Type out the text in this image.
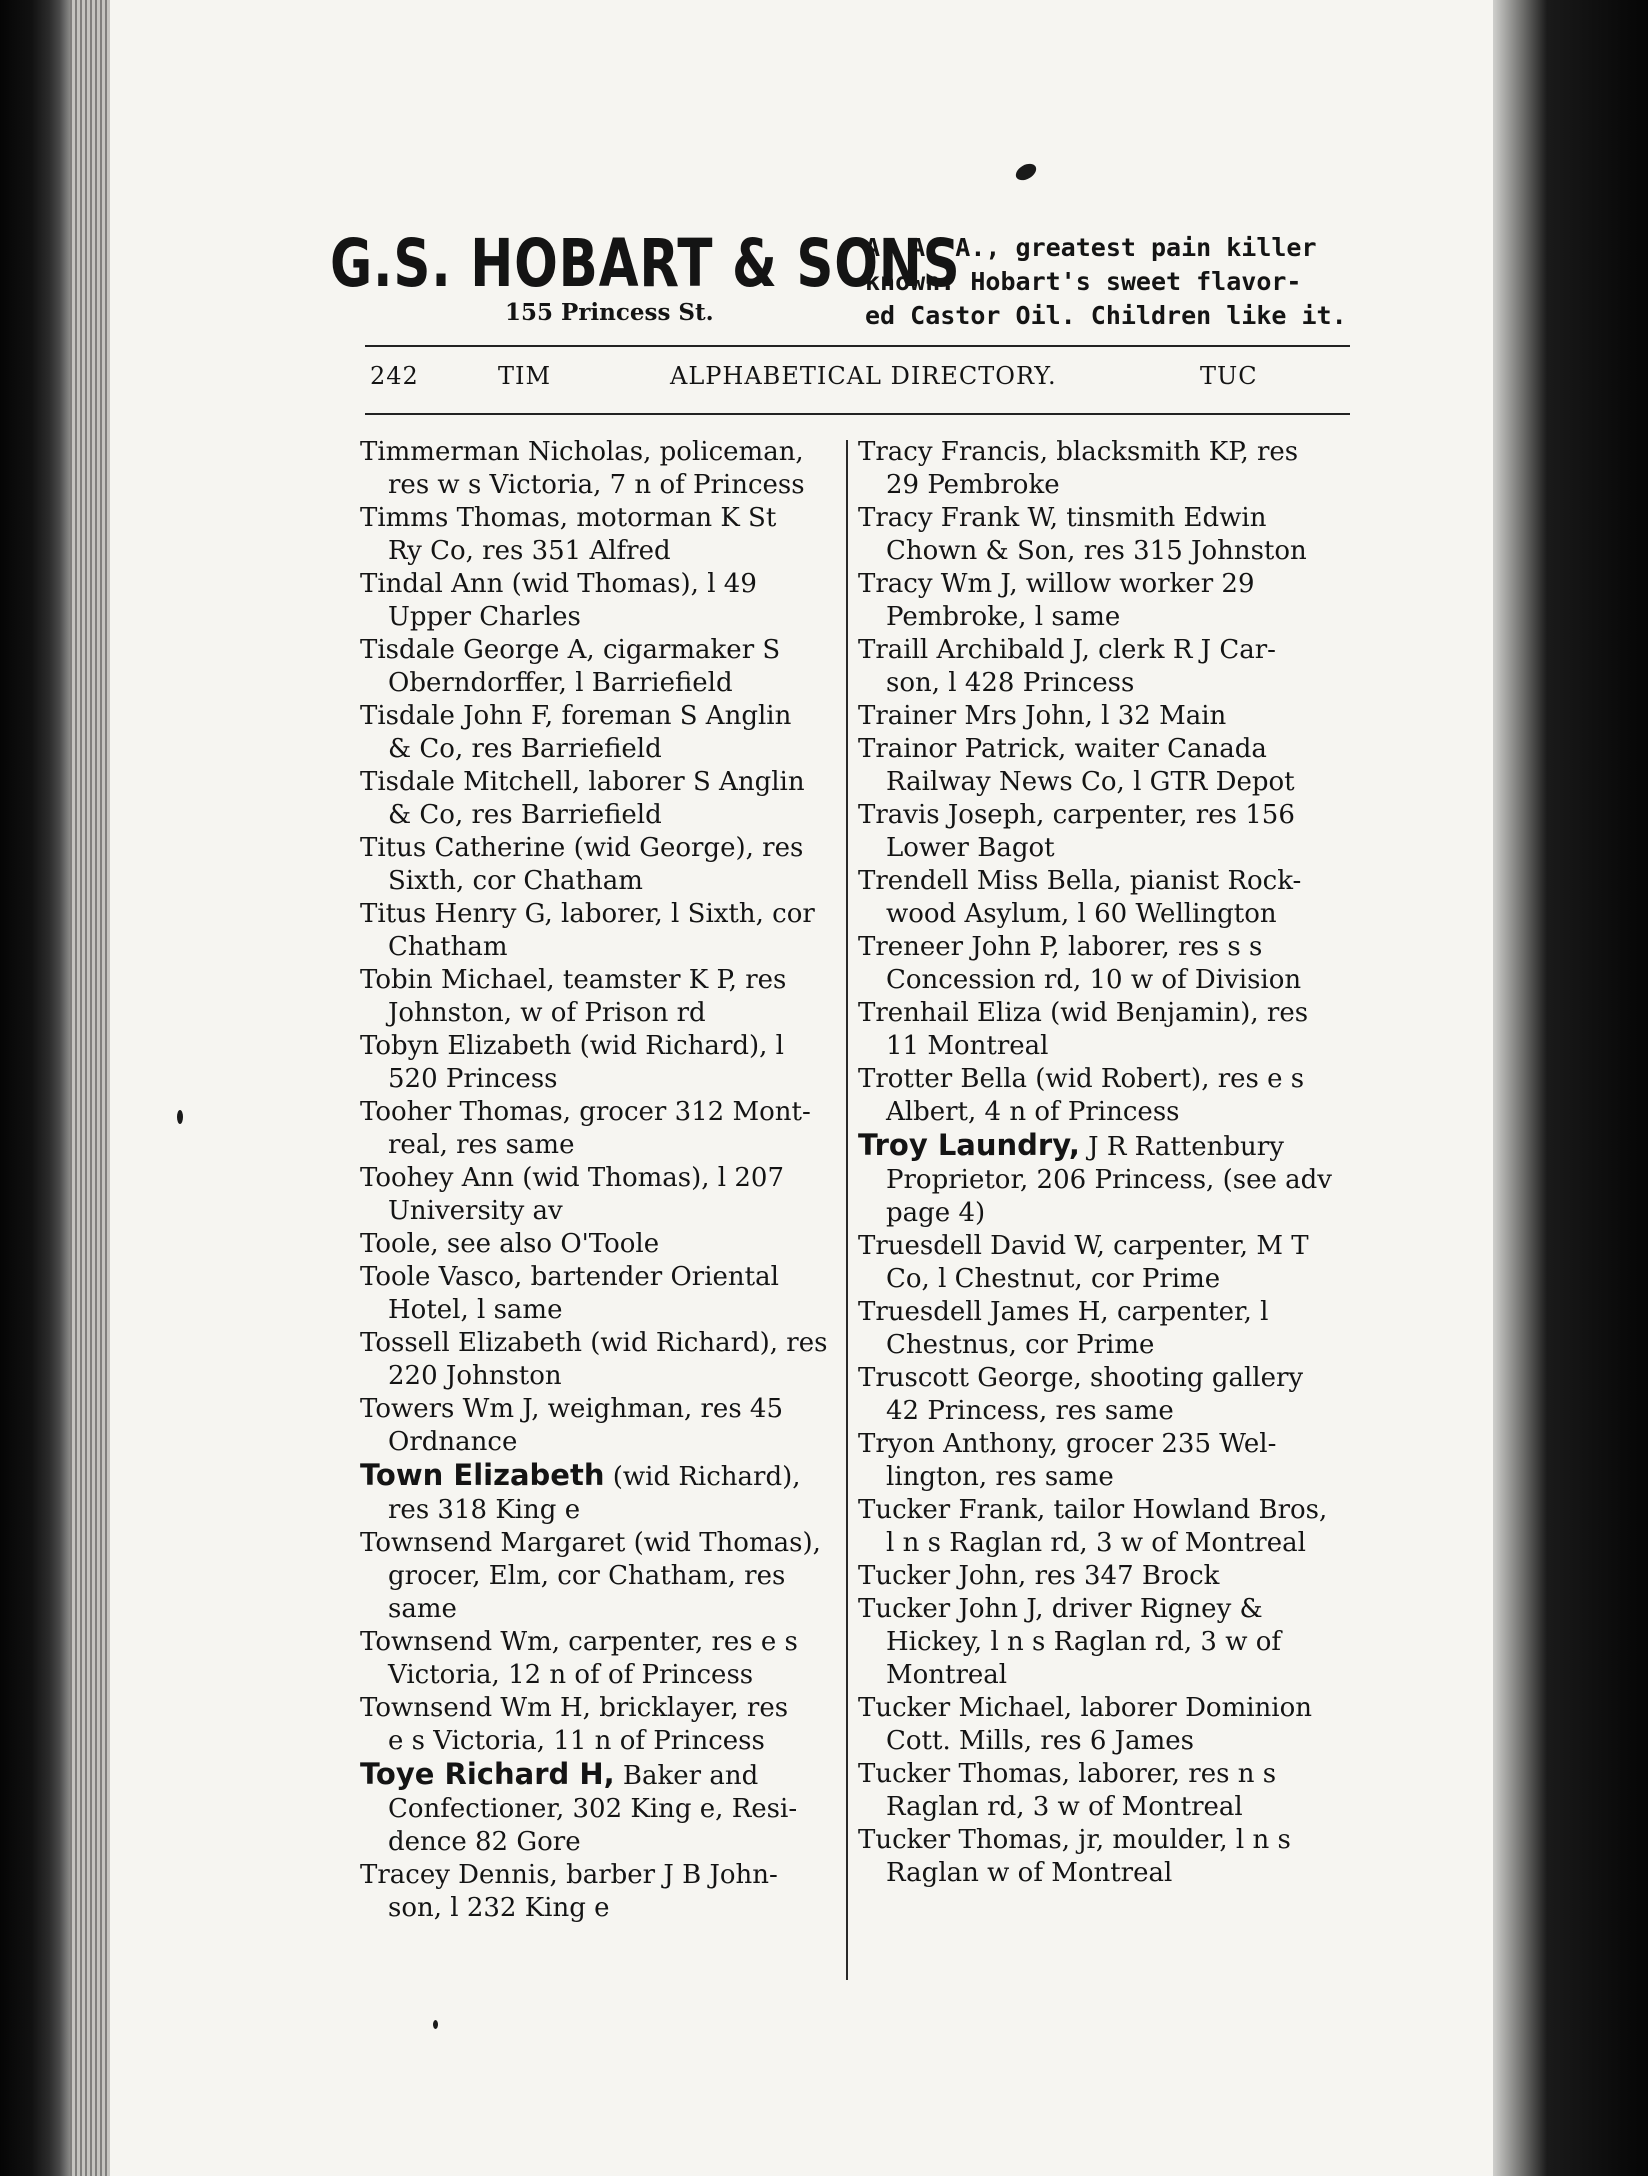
G.S. HOBART & SONS
155 Princess St.
A. A. A., greatest pain killer
known. Hobart's sweet flavor-
ed Castor Oil. Children like it.
242	TIM	ALPHABETICAL DIRECTORY.	TUC
Timmerman Nicholas, policeman,
res w s Victoria, 7 n of Princess
Timms Thomas, motorman K St
Ry Co, res 351 Alfred
Tindal Ann (wid Thomas), l 49
Upper Charles
Tisdale George A, cigarmaker S
Oberndorffer, l Barriefield
Tisdale John F, foreman S Anglin
& Co, res Barriefield
Tisdale Mitchell, laborer S Anglin
& Co, res Barriefield
Titus Catherine (wid George), res
Sixth, cor Chatham
Titus Henry G, laborer, l Sixth, cor
Chatham
Tobin Michael, teamster K P, res
Johnston, w of Prison rd
Tobyn Elizabeth (wid Richard), l
520 Princess
Tooher Thomas, grocer 312 Mont-
real, res same
Toohey Ann (wid Thomas), l 207
University av
Toole, see also O'Toole
Toole Vasco, bartender Oriental
Hotel, l same
Tossell Elizabeth (wid Richard), res
220 Johnston
Towers Wm J, weighman, res 45
Ordnance
Town Elizabeth (wid Richard),
res 318 King e
Townsend Margaret (wid Thomas),
grocer, Elm, cor Chatham, res
same
Townsend Wm, carpenter, res e s
Victoria, 12 n of of Princess
Townsend Wm H, bricklayer, res
e s Victoria, 11 n of Princess
Toye Richard H, Baker and
Confectioner, 302 King e, Resi-
dence 82 Gore
Tracey Dennis, barber J B John-
son, l 232 King e
Tracy Francis, blacksmith KP, res
29 Pembroke
Tracy Frank W, tinsmith Edwin
Chown & Son, res 315 Johnston
Tracy Wm J, willow worker 29
Pembroke, l same
Traill Archibald J, clerk R J Car-
son, l 428 Princess
Trainer Mrs John, l 32 Main
Trainor Patrick, waiter Canada
Railway News Co, l GTR Depot
Travis Joseph, carpenter, res 156
Lower Bagot
Trendell Miss Bella, pianist Rock-
wood Asylum, l 60 Wellington
Treneer John P, laborer, res s s
Concession rd, 10 w of Division
Trenhail Eliza (wid Benjamin), res
11 Montreal
Trotter Bella (wid Robert), res e s
Albert, 4 n of Princess
Troy Laundry, J R Rattenbury
Proprietor, 206 Princess, (see adv
page 4)
Truesdell David W, carpenter, M T
Co, l Chestnut, cor Prime
Truesdell James H, carpenter, l
Chestnus, cor Prime
Truscott George, shooting gallery
42 Princess, res same
Tryon Anthony, grocer 235 Wel-
lington, res same
Tucker Frank, tailor Howland Bros,
l n s Raglan rd, 3 w of Montreal
Tucker John, res 347 Brock
Tucker John J, driver Rigney &
Hickey, l n s Raglan rd, 3 w of
Montreal
Tucker Michael, laborer Dominion
Cott. Mills, res 6 James
Tucker Thomas, laborer, res n s
Raglan rd, 3 w of Montreal
Tucker Thomas, jr, moulder, l n s
Raglan w of Montreal
